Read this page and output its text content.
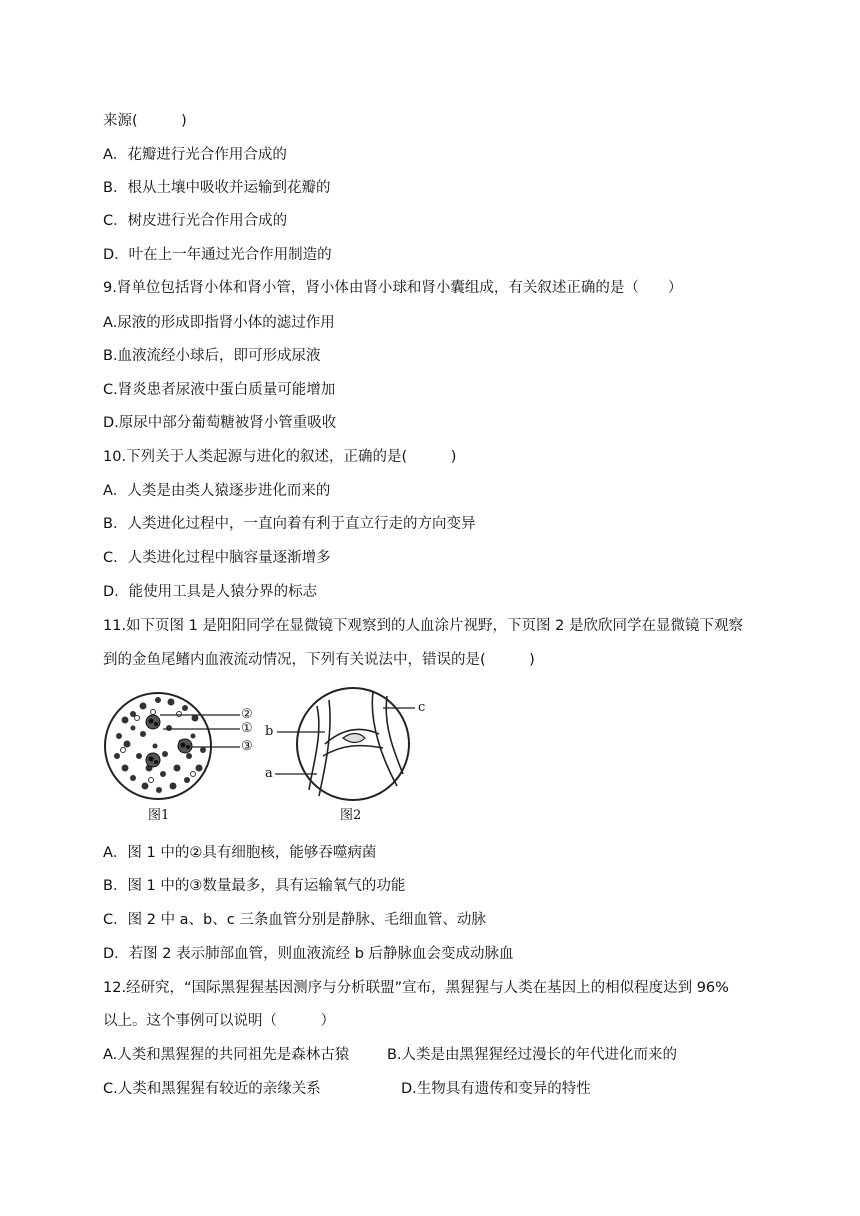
来源(　　　)
A．花瓣进行光合作用合成的
B．根从土壤中吸收并运输到花瓣的
C．树皮进行光合作用合成的
D．叶在上一年通过光合作用制造的
9.肾单位包括肾小体和肾小管，肾小体由肾小球和肾小囊组成，有关叙述正确的是（　　）
A.尿液的形成即指肾小体的滤过作用
B.血液流经小球后，即可形成尿液
C.肾炎患者尿液中蛋白质量可能增加
D.原尿中部分葡萄糖被肾小管重吸收
10.下列关于人类起源与进化的叙述，正确的是(　　　)
A．人类是由类人猿逐步进化而来的
B．人类进化过程中，一直向着有利于直立行走的方向变异
C．人类进化过程中脑容量逐渐增多
D．能使用工具是人猿分界的标志
11.如下页图 1 是阳阳同学在显微镜下观察到的人血涂片视野，下页图 2 是欣欣同学在显微镜下观察
到的金鱼尾鳍内血液流动情况，下列有关说法中，错误的是(　　　)
②
①
③
b
a
c
图1	图2
A．图 1 中的②具有细胞核，能够吞噬病菌
B．图 1 中的③数量最多，具有运输氧气的功能
C．图 2 中 a、b、c 三条血管分别是静脉、毛细血管、动脉
D．若图 2 表示肺部血管，则血液流经 b 后静脉血会变成动脉血
12.经研究，“国际黑猩猩基因测序与分析联盟”宣布，黑猩猩与人类在基因上的相似程度达到 96%
以上。这个事例可以说明（　　　）
A.人类和黑猩猩的共同祖先是森林古猿	B.人类是由黑猩猩经过漫长的年代进化而来的
C.人类和黑猩猩有较近的亲缘关系	D.生物具有遗传和变异的特性
